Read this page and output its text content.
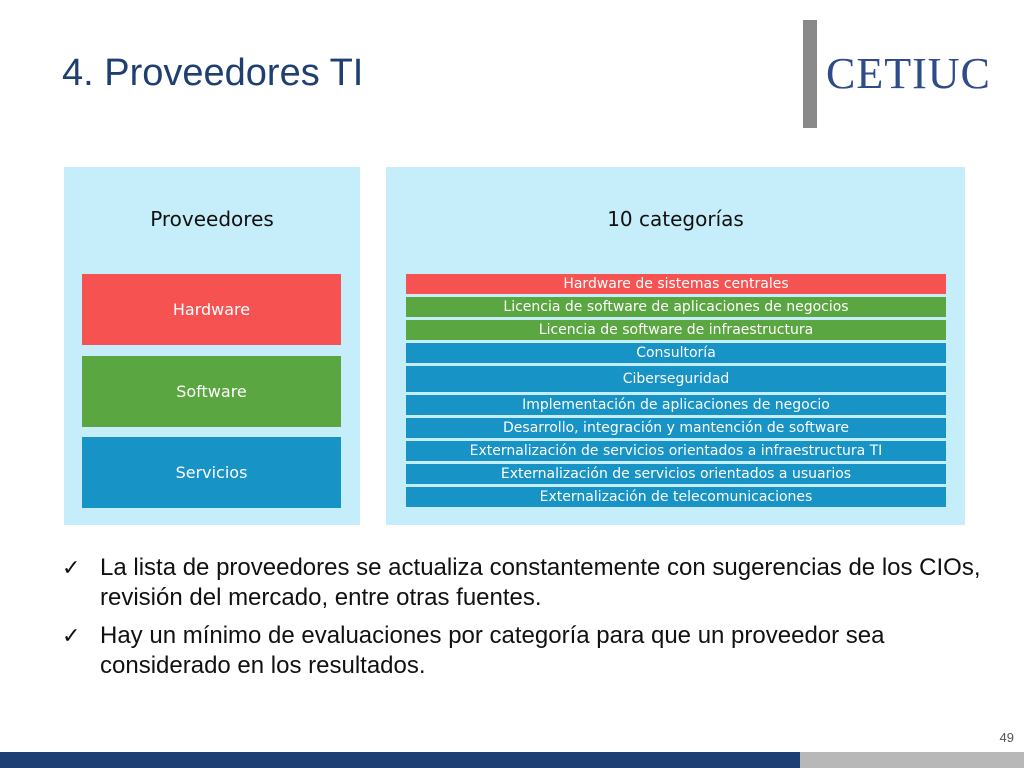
4. Proveedores TI	CETIUC
Proveedores
Hardware
Software
Servicios
10 categorías
Hardware de sistemas centrales
Licencia de software de aplicaciones de negocios
Licencia de software de infraestructura
Consultoría
Ciberseguridad
Implementación de aplicaciones de negocio
Desarrollo, integración y mantención de software
Externalización de servicios orientados a infraestructura TI
Externalización de servicios orientados a usuarios
Externalización de telecomunicaciones
✓ La lista de proveedores se actualiza constantemente con sugerencias de los CIOs, revisión del mercado, entre otras fuentes.
✓ Hay un mínimo de evaluaciones por categoría para que un proveedor sea considerado en los resultados.
49
